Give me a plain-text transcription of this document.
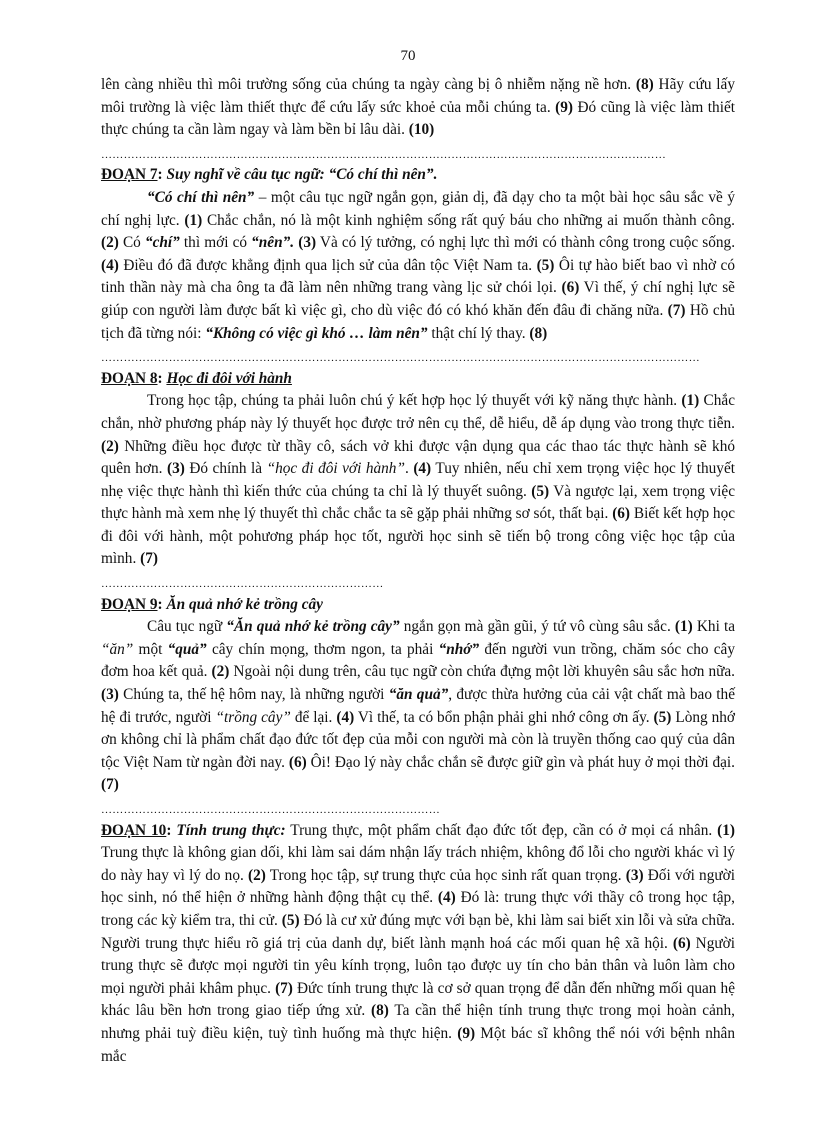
70

lên càng nhiều thì môi trường sống của chúng ta ngày càng bị ô nhiễm nặng nề hơn. (8) Hãy cứu lấy môi trường là việc làm thiết thực để cứu lấy sức khoẻ của mỗi chúng ta. (9) Đó cũng là việc làm thiết thực chúng ta cần làm ngay và làm bền bỉ lâu dài. (10)

……………………………………………………………………………………………………………………………………

ĐOẠN 7: Suy nghĩ về câu tục ngữ: “Có chí thì nên”.

“Có chí thì nên” – một câu tục ngữ ngắn gọn, giản dị, đã dạy cho ta một bài học sâu sắc về ý chí nghị lực. (1) Chắc chắn, nó là một kinh nghiệm sống rất quý báu cho những ai muốn thành công. (2) Có “chí” thì mới có “nên”. (3) Và có lý tưởng, có nghị lực thì mới có thành công trong cuộc sống. (4) Điều đó đã được khẳng định qua lịch sử của dân tộc Việt Nam ta. (5) Ôi tự hào biết bao vì nhờ có tinh thần này mà cha ông ta đã làm nên những trang vàng lịc sử chói lọi. (6) Vì thế, ý chí nghị lực sẽ giúp con người làm được bất kì việc gì, cho dù việc đó có khó khăn đến đâu đi chăng nữa. (7) Hồ chủ tịch đã từng nói: “Không có việc gì khó … làm nên” thật chí lý thay. (8)

……………………………………………………………………………………………………………………………………………

ĐOẠN 8: Học đi đôi với hành

Trong học tập, chúng ta phải luôn chú ý kết hợp học lý thuyết với kỹ năng thực hành. (1) Chắc chắn, nhờ phương pháp này lý thuyết học được trở nên cụ thể, dễ hiểu, dễ áp dụng vào trong thực tiễn. (2) Những điều học được từ thầy cô, sách vở khi được vận dụng qua các thao tác thực hành sẽ khó quên hơn. (3) Đó chính là “học đi đôi với hành”. (4) Tuy nhiên, nếu chỉ xem trọng việc học lý thuyết nhẹ việc thực hành thì kiến thức của chúng ta chỉ là lý thuyết suông. (5) Và ngược lại, xem trọng việc thực hành mà xem nhẹ lý thuyết thì chắc chắc ta sẽ gặp phải những sơ sót, thất bại. (6) Biết kết hợp học đi đôi với hành, một pohương pháp học tốt, người học sinh sẽ tiến bộ trong công việc học tập của mình. (7)

…………………………………………………………………

ĐOẠN 9: Ăn quả nhớ kẻ trồng cây

Câu tục ngữ “Ăn quả nhớ kẻ trồng cây” ngắn gọn mà gần gũi, ý tứ vô cùng sâu sắc. (1) Khi ta “ăn” một “quả” cây chín mọng, thơm ngon, ta phải “nhớ” đến người vun trồng, chăm sóc cho cây đơm hoa kết quả. (2) Ngoài nội dung trên, câu tục ngữ còn chứa đựng một lời khuyên sâu sắc hơn nữa. (3) Chúng ta, thế hệ hôm nay, là những người “ăn quả”, được thừa hưởng của cải vật chất mà bao thế hệ đi trước, người “trồng cây” để lại. (4) Vì thế, ta có bổn phận phải ghi nhớ công ơn ấy. (5) Lòng nhớ ơn không chỉ là phẩm chất đạo đức tốt đẹp của mỗi con người mà còn là truyền thống cao quý của dân tộc Việt Nam từ ngàn đời nay. (6) Ôi! Đạo lý này chắc chắn sẽ được giữ gìn và phát huy ở mọi thời đại. (7)

………………………………………………………………………………

ĐOẠN 10: Tính trung thực: Trung thực, một phẩm chất đạo đức tốt đẹp, cần có ở mọi cá nhân. (1) Trung thực là không gian dối, khi làm sai dám nhận lấy trách nhiệm, không đổ lỗi cho người khác vì lý do này hay vì lý do nọ. (2) Trong học tập, sự trung thực của học sinh rất quan trọng. (3) Đối với người học sinh, nó thể hiện ở những hành động thật cụ thể. (4) Đó là: trung thực với thầy cô trong học tập, trong các kỳ kiểm tra, thi cử. (5) Đó là cư xử đúng mực với bạn bè, khi làm sai biết xin lỗi và sửa chữa. Người trung thực hiểu rõ giá trị của danh dự, biết lành mạnh hoá các mối quan hệ xã hội. (6) Người trung thực sẽ được mọi người tin yêu kính trọng, luôn tạo được uy tín cho bản thân và luôn làm cho mọi người phải khâm phục. (7) Đức tính trung thực là cơ sở quan trọng để dẫn đến những mối quan hệ khác lâu bền hơn trong giao tiếp ứng xử. (8) Ta cần thể hiện tính trung thực trong mọi hoàn cảnh, nhưng phải tuỳ điều kiện, tuỳ tình huống mà thực hiện. (9) Một bác sĩ không thể nói với bệnh nhân mắc
